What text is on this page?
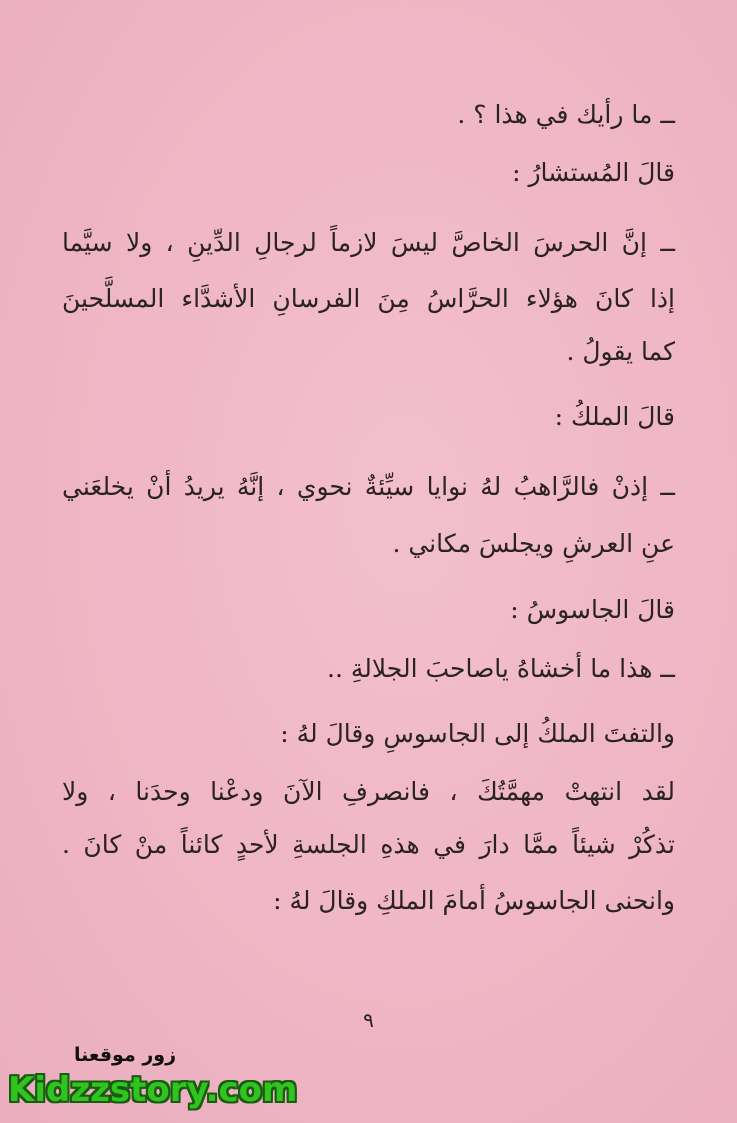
ــ ما رأيك في هذا ؟ .
قالَ المُستشارُ :
ــ إنَّ الحرسَ الخاصَّ ليسَ لازماً لرجالِ الدِّينِ ، ولا سيَّما
إذا كانَ هؤلاء الحرَّاسُ مِنَ الفرسانِ الأشدَّاء المسلَّحينَ
كما يقولُ .
قالَ الملكُ :
ــ إذنْ فالرَّاهبُ لهُ نوايا سيِّئةٌ نحوي ، إنَّهُ يريدُ أنْ يخلعَني
عنِ العرشِ ويجلسَ مكاني .
قالَ الجاسوسُ :
ــ هذا ما أخشاهُ ياصاحبَ الجلالةِ ..
والتفتَ الملكُ إلى الجاسوسِ وقالَ لهُ :
لقد انتهتْ مهمَّتُكَ ، فانصرفِ الآنَ ودعْنا وحدَنا ، ولا
تذكُرْ شيئاً ممَّا دارَ في هذهِ الجلسةِ لأحدٍ كائناً منْ كانَ .
وانحنى الجاسوسُ أمامَ الملكِ وقالَ لهُ :
٩
زور موقعنا
Kidzzstory.com
